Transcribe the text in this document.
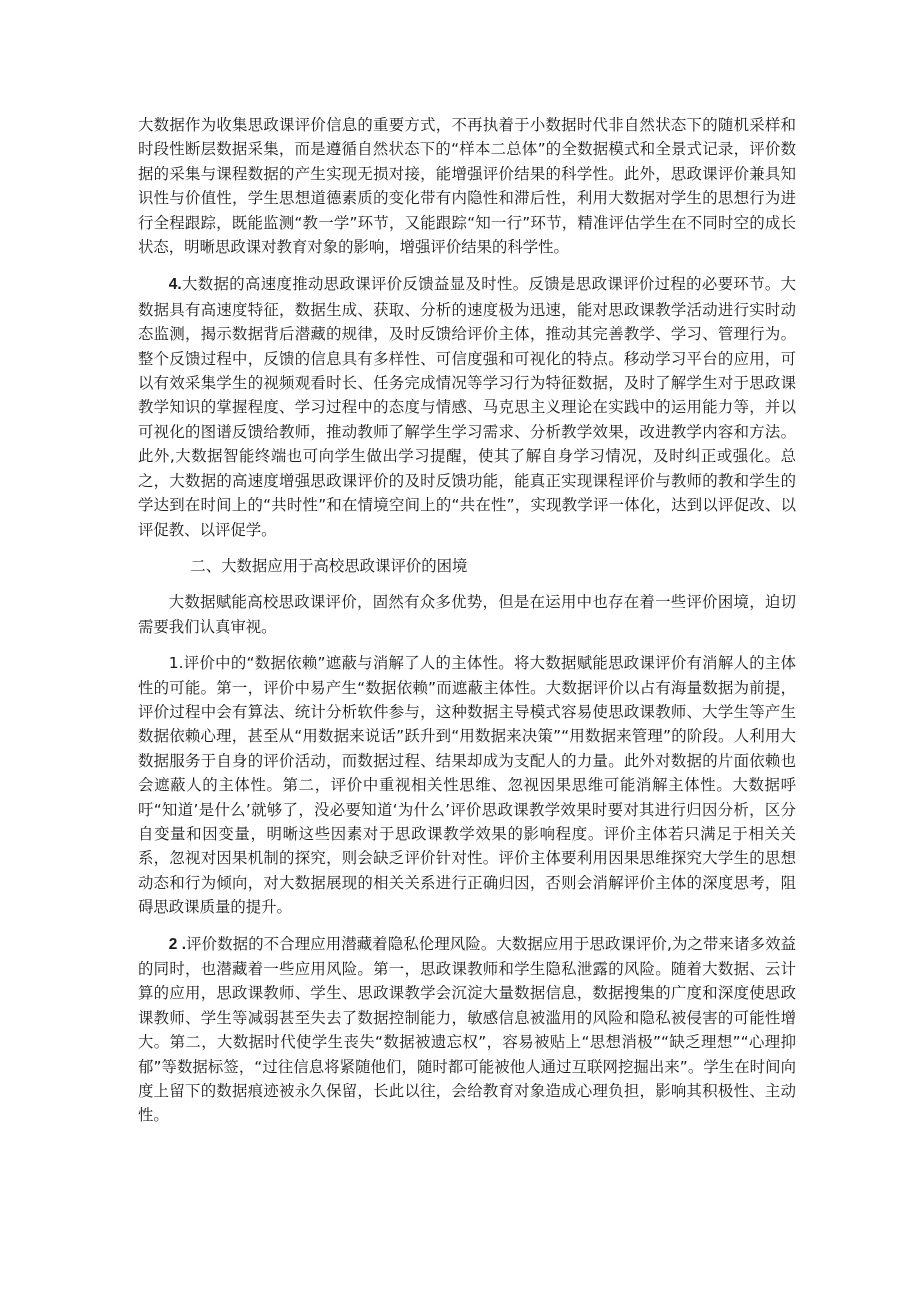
大数据作为收集思政课评价信息的重要方式，不再执着于小数据时代非自然状态下的随机采样和时段性断层数据采集，而是遵循自然状态下的“样本二总体”的全数据模式和全景式记录，评价数据的采集与课程数据的产生实现无损对接，能增强评价结果的科学性。此外，思政课评价兼具知识性与价值性，学生思想道德素质的变化带有内隐性和滞后性，利用大数据对学生的思想行为进行全程跟踪，既能监测“教一学”环节，又能跟踪“知一行”环节，精准评估学生在不同时空的成长状态，明晰思政课对教育对象的影响，增强评价结果的科学性。

4.大数据的高速度推动思政课评价反馈益显及时性。反馈是思政课评价过程的必要环节。大数据具有高速度特征，数据生成、获取、分析的速度极为迅速，能对思政课教学活动进行实时动态监测，揭示数据背后潜藏的规律，及时反馈给评价主体，推动其完善教学、学习、管理行为。整个反馈过程中，反馈的信息具有多样性、可信度强和可视化的特点。移动学习平台的应用，可以有效采集学生的视频观看时长、任务完成情况等学习行为特征数据，及时了解学生对于思政课教学知识的掌握程度、学习过程中的态度与情感、马克思主义理论在实践中的运用能力等，并以可视化的图谱反馈给教师，推动教师了解学生学习需求、分析教学效果，改进教学内容和方法。此外,大数据智能终端也可向学生做出学习提醒，使其了解自身学习情况，及时纠正或强化。总之，大数据的高速度增强思政课评价的及时反馈功能，能真正实现课程评价与教师的教和学生的学达到在时间上的“共时性”和在情境空间上的“共在性”，实现教学评一体化，达到以评促改、以评促教、以评促学。

二、大数据应用于高校思政课评价的困境

大数据赋能高校思政课评价，固然有众多优势，但是在运用中也存在着一些评价困境，迫切需要我们认真审视。

1.评价中的“数据依赖”遮蔽与消解了人的主体性。将大数据赋能思政课评价有消解人的主体性的可能。第一，评价中易产生“数据依赖”而遮蔽主体性。大数据评价以占有海量数据为前提，评价过程中会有算法、统计分析软件参与，这种数据主导模式容易使思政课教师、大学生等产生数据依赖心理，甚至从“用数据来说话”跃升到“用数据来决策”“用数据来管理”的阶段。人利用大数据服务于自身的评价活动，而数据过程、结果却成为支配人的力量。此外对数据的片面依赖也会遮蔽人的主体性。第二，评价中重视相关性思维、忽视因果思维可能消解主体性。大数据呼吁“知道’是什么’就够了，没必要知道‘为什么’评价思政课教学效果时要对其进行归因分析，区分自变量和因变量，明晰这些因素对于思政课教学效果的影响程度。评价主体若只满足于相关关系，忽视对因果机制的探究，则会缺乏评价针对性。评价主体要利用因果思维探究大学生的思想动态和行为倾向，对大数据展现的相关关系进行正确归因，否则会消解评价主体的深度思考，阻碍思政课质量的提升。

2 .评价数据的不合理应用潜藏着隐私伦理风险。大数据应用于思政课评价,为之带来诸多效益的同时，也潜藏着一些应用风险。第一，思政课教师和学生隐私泄露的风险。随着大数据、云计算的应用，思政课教师、学生、思政课教学会沉淀大量数据信息，数据搜集的广度和深度使思政课教师、学生等减弱甚至失去了数据控制能力，敏感信息被滥用的风险和隐私被侵害的可能性增大。第二，大数据时代使学生丧失“数据被遗忘权”，容易被贴上“思想消极”“缺乏理想”“心理抑郁”等数据标签，“过往信息将紧随他们，随时都可能被他人通过互联网挖掘出来”。学生在时间向度上留下的数据痕迹被永久保留，长此以往，会给教育对象造成心理负担，影响其积极性、主动性。
